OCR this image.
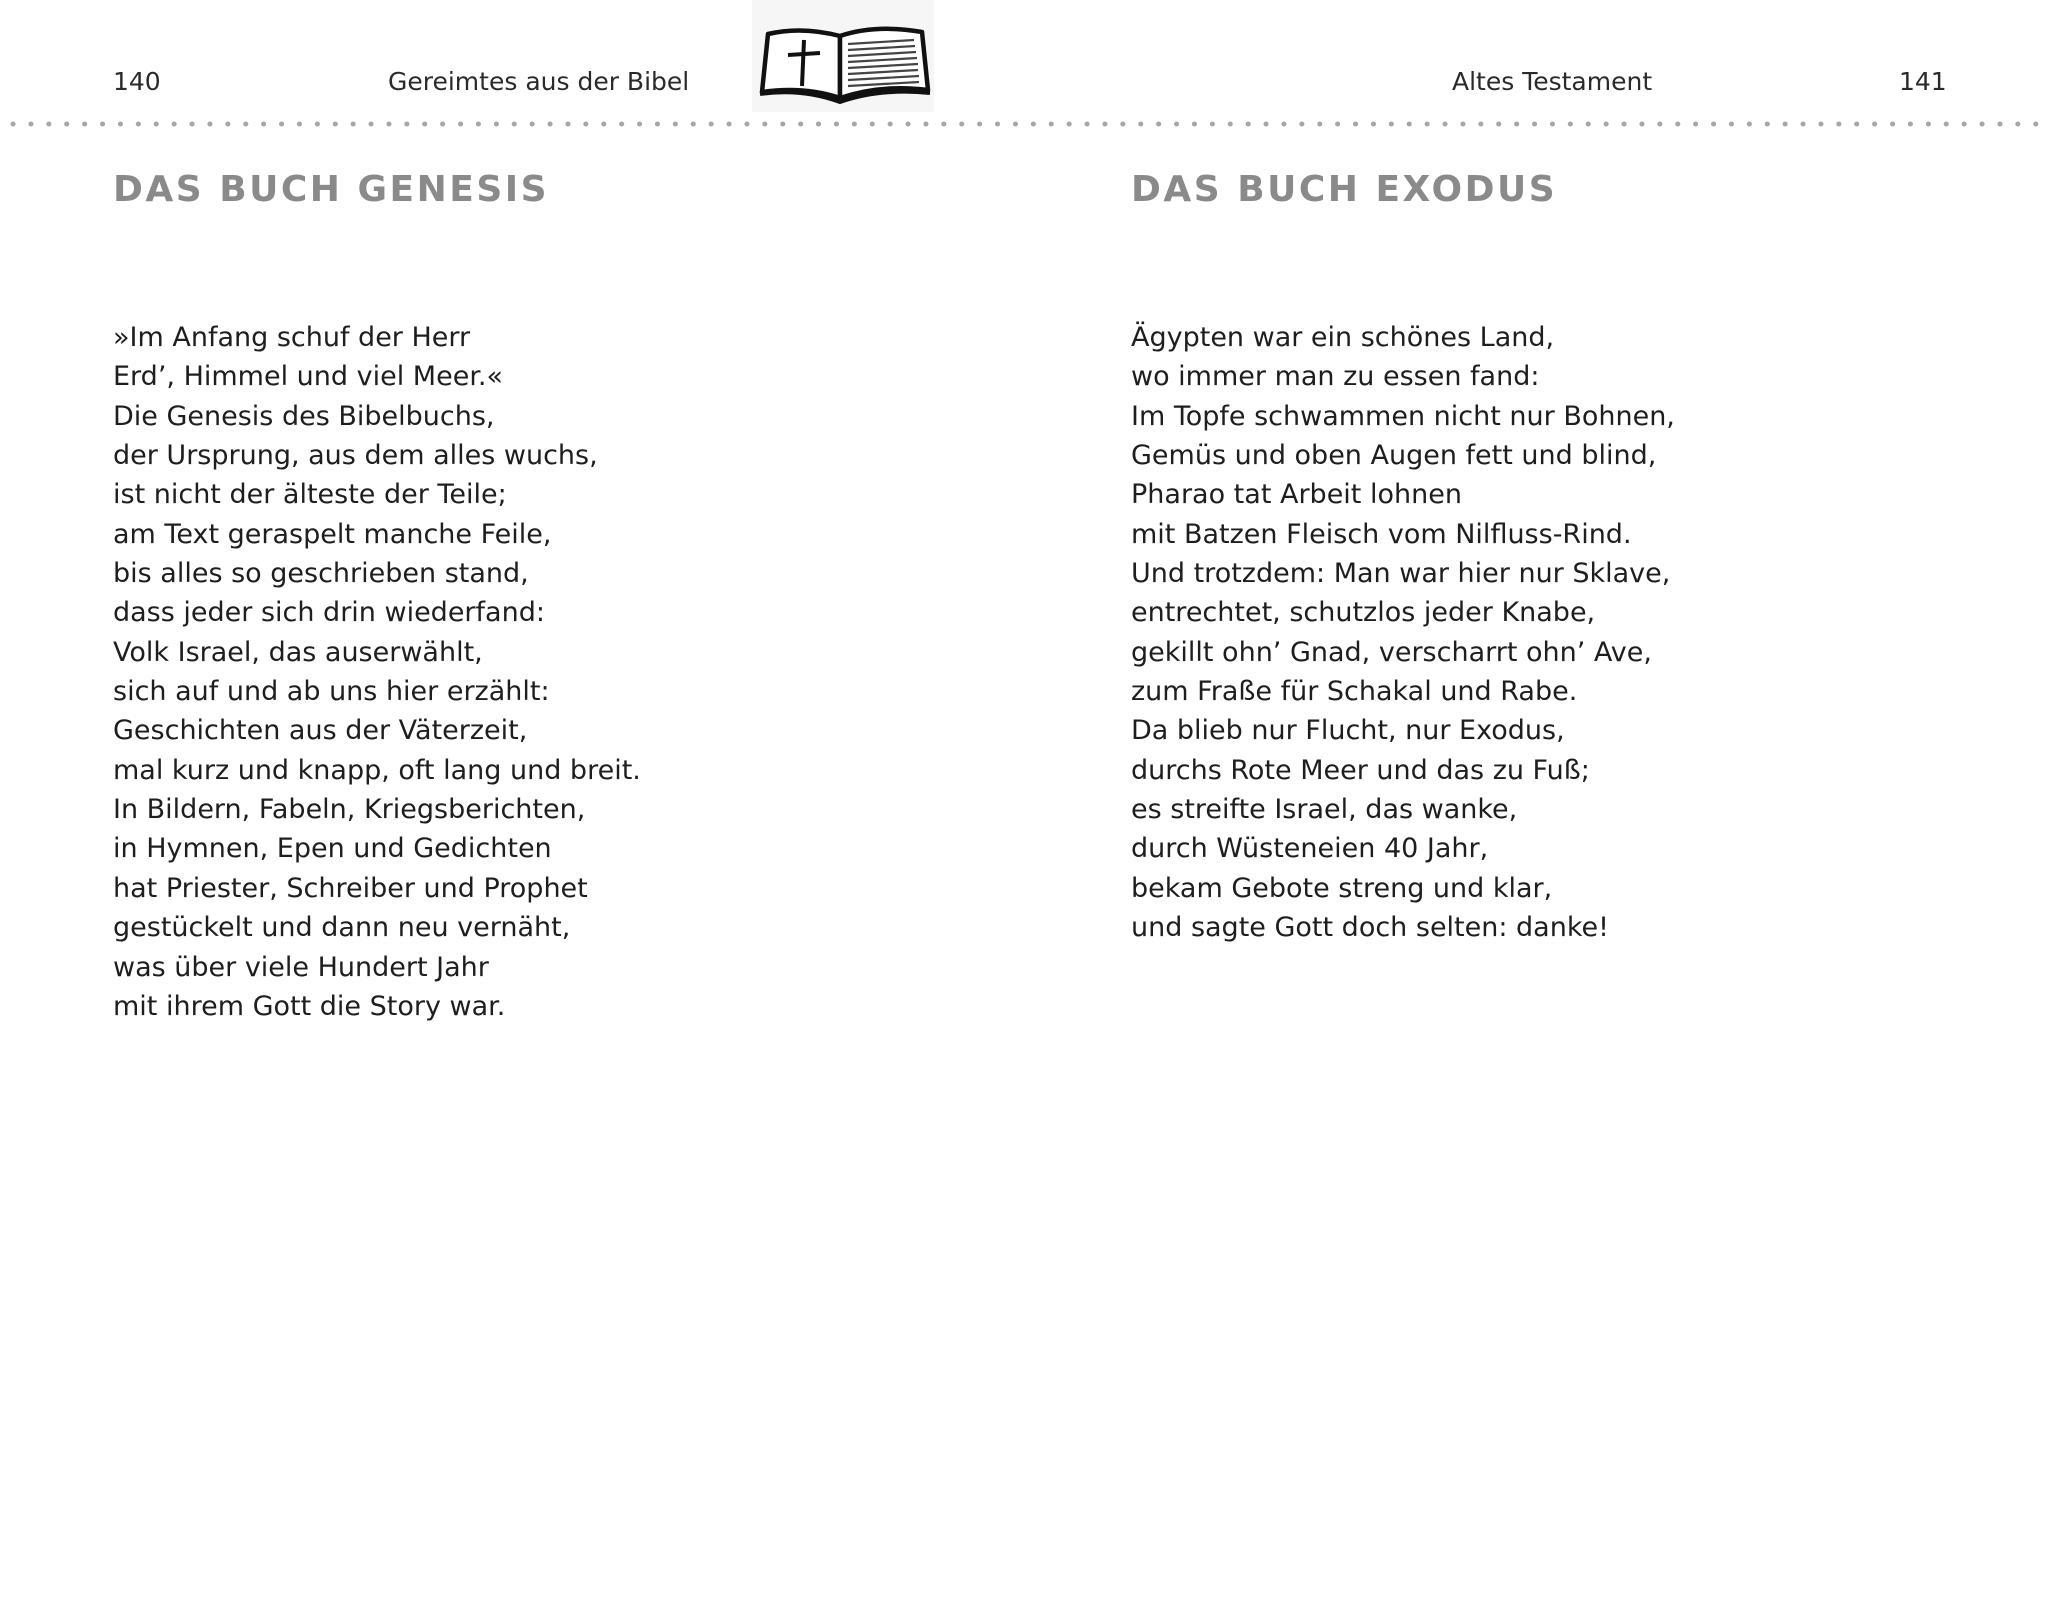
140	Gereimtes aus der Bibel	Altes Testament	141
DAS BUCH GENESIS	DAS BUCH EXODUS
»Im Anfang schuf der Herr
Erd’, Himmel und viel Meer.«
Die Genesis des Bibelbuchs,
der Ursprung, aus dem alles wuchs,
ist nicht der älteste der Teile;
am Text geraspelt manche Feile,
bis alles so geschrieben stand,
dass jeder sich drin wiederfand:
Volk Israel, das auserwählt,
sich auf und ab uns hier erzählt:
Geschichten aus der Väterzeit,
mal kurz und knapp, oft lang und breit.
In Bildern, Fabeln, Kriegsberichten,
in Hymnen, Epen und Gedichten
hat Priester, Schreiber und Prophet
gestückelt und dann neu vernäht,
was über viele Hundert Jahr
mit ihrem Gott die Story war.
Ägypten war ein schönes Land,
wo immer man zu essen fand:
Im Topfe schwammen nicht nur Bohnen,
Gemüs und oben Augen fett und blind,
Pharao tat Arbeit lohnen
mit Batzen Fleisch vom Nilfluss-Rind.
Und trotzdem: Man war hier nur Sklave,
entrechtet, schutzlos jeder Knabe,
gekillt ohn’ Gnad, verscharrt ohn’ Ave,
zum Fraße für Schakal und Rabe.
Da blieb nur Flucht, nur Exodus,
durchs Rote Meer und das zu Fuß;
es streifte Israel, das wanke,
durch Wüsteneien 40 Jahr,
bekam Gebote streng und klar,
und sagte Gott doch selten: danke!
